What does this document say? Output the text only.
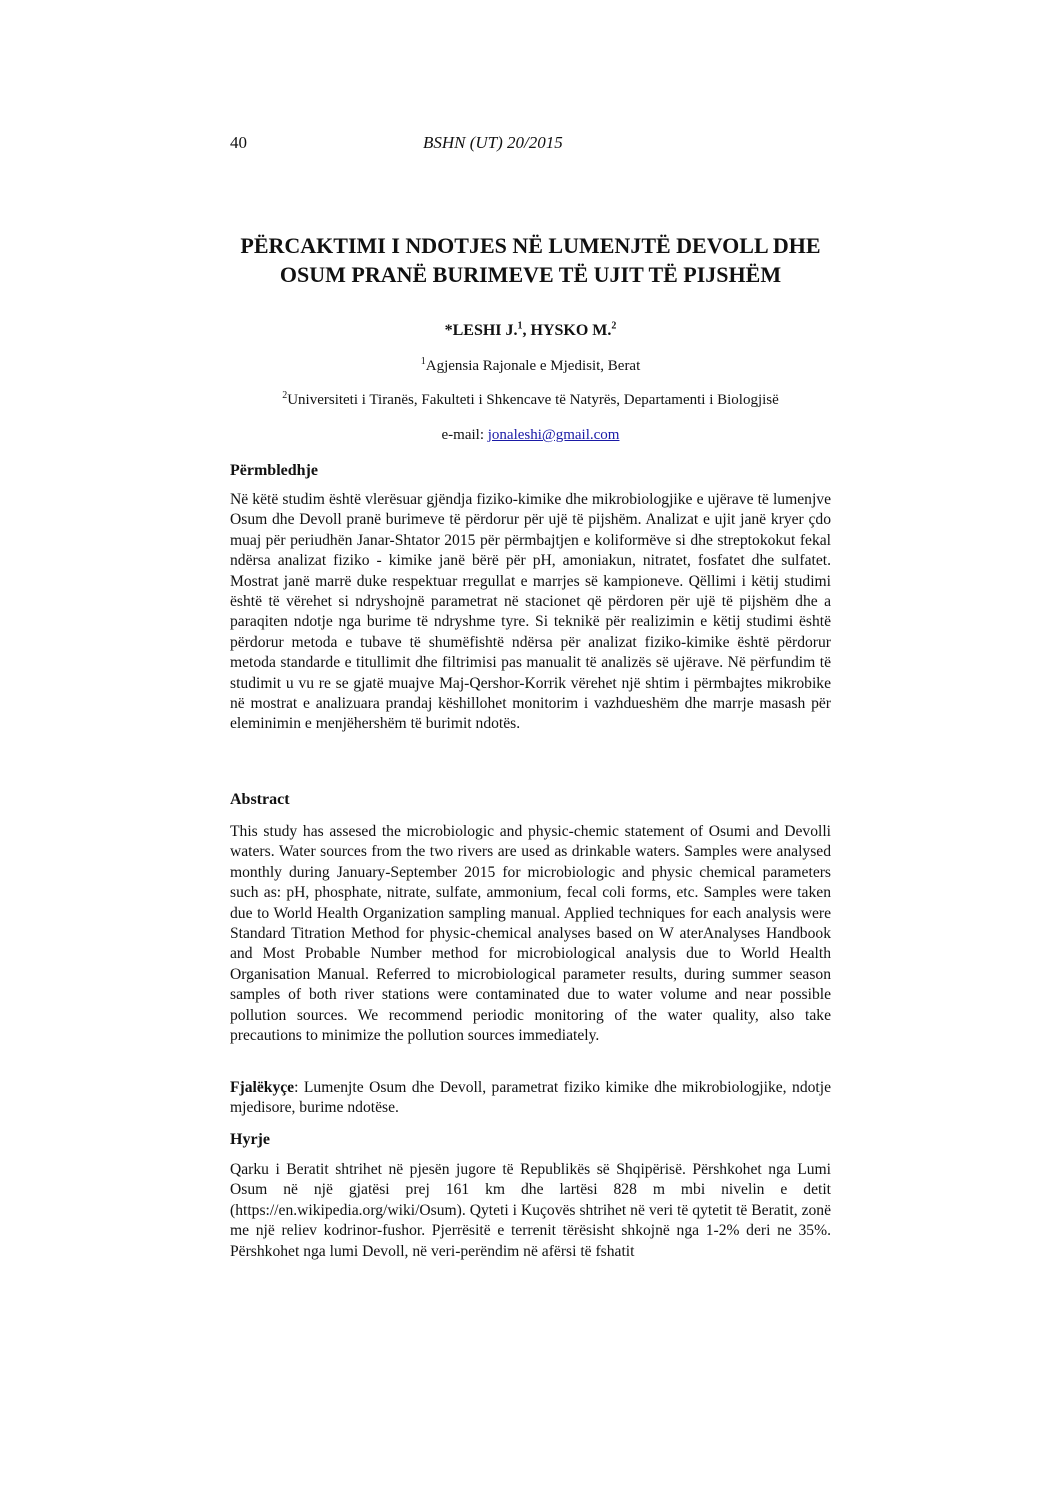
40	BSHN (UT) 20/2015
PËRCAKTIMI I NDOTJES NË LUMENJTË DEVOLL DHE OSUM PRANË BURIMEVE TË UJIT TË PIJSHËM
*LESHI J.$^1$, HYSKO M.$^2$
$^1$Agjensia Rajonale e Mjedisit, Berat
$^2$Universiteti i Tiranës, Fakulteti i Shkencave të Natyrës, Departamenti i Biologjisë
e-mail: jonaleshi@gmail.com
Përmbledhje

Në këtë studim është vlerësuar gjëndja fiziko-kimike dhe mikrobiologjike e ujërave të lumenjve Osum dhe Devoll pranë burimeve të përdorur për ujë të pijshëm. Analizat e ujit janë kryer çdo muaj për periudhën Janar-Shtator 2015 për përmbajtjen e koliformëve si dhe streptokokut fekal ndërsa analizat fiziko - kimike janë bërë për pH, amoniakun, nitratet, fosfatet dhe sulfatet. Mostrat janë marrë duke respektuar rregullat e marrjes së kampioneve. Qëllimi i këtij studimi është të vërehet si ndryshojnë parametrat në stacionet që përdoren për ujë të pijshëm dhe a paraqiten ndotje nga burime të ndryshme tyre. Si teknikë për realizimin e këtij studimi është përdorur metoda e tubave të shumëfishtë ndërsa për analizat fiziko-kimike është përdorur metoda standarde e titullimit dhe filtrimisi pas manualit të analizës së ujërave. Në përfundim të studimit u vu re se gjatë muajve Maj-Qershor-Korrik vërehet një shtim i përmbajtes mikrobike në mostrat e analizuara prandaj këshillohet monitorim i vazhdueshëm dhe marrje masash për eleminimin e menjëhershëm të burimit ndotës.

Abstract

This study has assesed the microbiologic and physic-chemic statement of Osumi and Devolli waters. Water sources from the two rivers are used as drinkable waters. Samples were analysed monthly during January-September 2015 for microbiologic and physic chemical parameters such as: pH, phosphate, nitrate, sulfate, ammonium, fecal coli forms, etc. Samples were taken due to World Health Organization sampling manual. Applied techniques for each analysis were Standard Titration Method for physic-chemical analyses based on W aterAnalyses Handbook and Most Probable Number method for microbiological analysis due to World Health Organisation Manual. Referred to microbiological parameter results, during summer season samples of both river stations were contaminated due to water volume and near possible pollution sources. We recommend periodic monitoring of the water quality, also take precautions to minimize the pollution sources immediately.

Fjalëkyçe: Lumenjte Osum dhe Devoll, parametrat fiziko kimike dhe mikrobiologjike, ndotje mjedisore, burime ndotëse.

Hyrje

Qarku i Beratit shtrihet në pjesën jugore të Republikës së Shqipërisë. Përshkohet nga Lumi Osum në një gjatësi prej 161 km dhe lartësi 828 m mbi nivelin e detit (https://en.wikipedia.org/wiki/Osum). Qyteti i Kuçovës shtrihet në veri të qytetit të Beratit, zonë me një reliev kodrinor-fushor. Pjerrësitë e terrenit tërësisht shkojnë nga 1-2% deri ne 35%. Përshkohet nga lumi Devoll, në veri-perëndim në afërsi të fshatit
